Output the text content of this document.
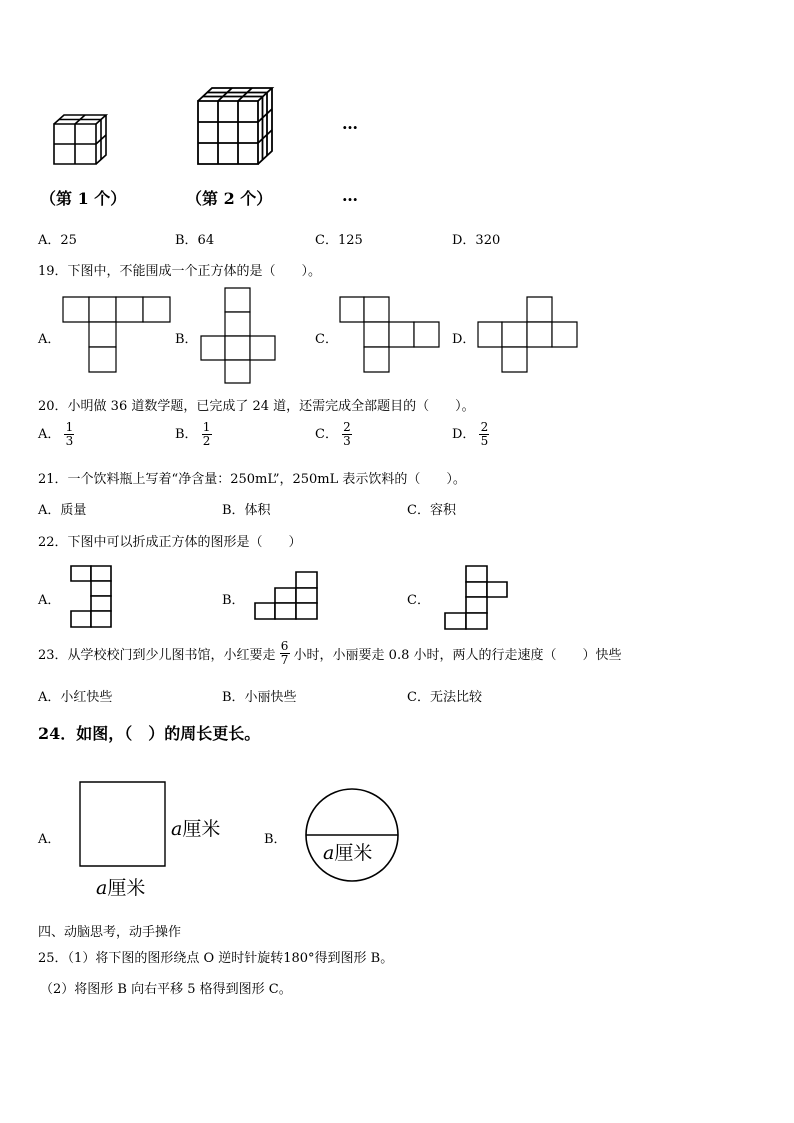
…
（第 1 个）	（第 2 个）	…
A．25	B．64	C．125	D．320
19．下图中，不能围成一个正方体的是（　　）。
A．	B．	C．	D．
20．小明做 36 道数学题，已完成了 24 道，还需完成全部题目的（　　）。
A． $\frac{1}{3}$	B． $\frac{1}{2}$	C． $\frac{2}{3}$	D． $\frac{2}{5}$
21．一个饮料瓶上写着“净含量：250mL”，250mL 表示饮料的（　　）。
A．质量	B．体积	C．容积
22．下图中可以折成正方体的图形是（　　）
A．	B．	C．
23．从学校校门到少儿图书馆，小红要走 $\frac{6}{7}$ 小时，小丽要走 0.8 小时，两人的行走速度（　　）快些
A．小红快些	B．小丽快些	C．无法比较
24．如图，（　）的周长更长。
A．	a厘米
a厘米
B．
a厘米
四、动脑思考，动手操作
25．（1）将下图的图形绕点 O 逆时针旋转180°得到图形 B。
（2）将图形 B 向右平移 5 格得到图形 C。
